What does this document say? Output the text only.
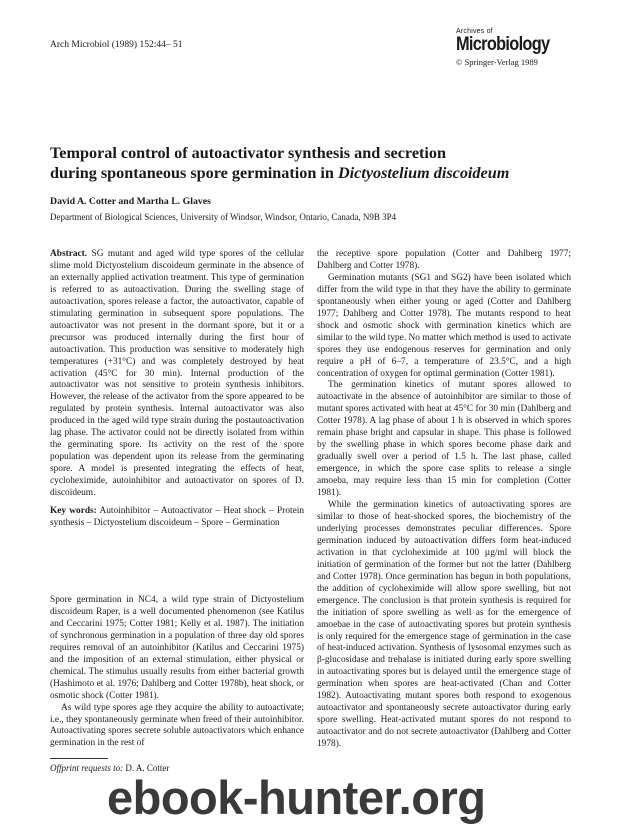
Arch Microbiol (1989) 152:44– 51
Archives of
Microbiology
© Springer-Verlag 1989
Temporal control of autoactivator synthesis and secretion
during spontaneous spore germination in Dictyostelium discoideum
David A. Cotter and Martha L. Glaves
Department of Biological Sciences, University of Windsor, Windsor, Ontario, Canada, N9B 3P4

Abstract. SG mutant and aged wild type spores of the cellular slime mold Dictyostelium discoideum germinate in the absence of an externally applied activation treatment. This type of germination is referred to as autoactivation. During the swelling stage of autoactivation, spores release a factor, the autoactivator, capable of stimulating germination in subsequent spore populations. The autoactivator was not present in the dormant spore, but it or a precursor was produced internally during the first hour of autoactivation. This production was sensitive to moderately high temperatures (+31°C) and was completely destroyed by heat activation (45°C for 30 min). Internal production of the autoactivator was not sensitive to protein synthesis inhibitors. However, the release of the activator from the spore appeared to be regulated by protein synthesis. Internal autoactivator was also produced in the aged wild type strain during the postautoactivation lag phase. The activator could not be directly isolated from within the germinating spore. Its activity on the rest of the spore population was dependent upon its release from the germinating spore. A model is presented integrating the effects of heat, cycloheximide, autoinhibitor and autoactivator on spores of D. discoideum.

Key words: Autoinhibitor – Autoactivator – Heat shock – Protein synthesis – Dictyostelium discoideum – Spore – Germination

Spore germination in NC4, a wild type strain of Dictyostelium discoideum Raper, is a well documented phenomenon (see Katilus and Ceccarini 1975; Cotter 1981; Kelly et al. 1987). The initiation of synchronous germination in a population of three day old spores requires removal of an autoinhibitor (Katilus and Ceccarini 1975) and the imposition of an external stimulation, either physical or chemical. The stimulus usually results from either bacterial growth (Hashimoto et al. 1976; Dahlberg and Cotter 1978b), heat shock, or osmotic shock (Cotter 1981).

As wild type spores age they acquire the ability to autoactivate; i.e., they spontaneously germinate when freed of their autoinhibitor. Autoactivating spores secrete soluble autoactivators which enhance germination in the rest of

the receptive spore population (Cotter and Dahlberg 1977; Dahlberg and Cotter 1978).

Germination mutants (SG1 and SG2) have been isolated which differ from the wild type in that they have the ability to germinate spontaneously when either young or aged (Cotter and Dahlberg 1977; Dahlberg and Cotter 1978). The mutants respond to heat shock and osmotic shock with germination kinetics which are similar to the wild type. No matter which method is used to activate spores they use endogenous reserves for germination and only require a pH of 6–7, a temperature of 23.5°C, and a high concentration of oxygen for optimal germination (Cotter 1981).

The germination kinetics of mutant spores allowed to autoactivate in the absence of autoinhibitor are similar to those of mutant spores activated with heat at 45°C for 30 min (Dahlberg and Cotter 1978). A lag phase of about 1 h is observed in which spores remain phase bright and capsular in shape. This phase is followed by the swelling phase in which spores become phase dark and gradually swell over a period of 1.5 h. The last phase, called emergence, in which the spore case splits to release a single amoeba, may require less than 15 min for completion (Cotter 1981).

While the germination kinetics of autoactivating spores are similar to those of heat-shocked spores, the biochemistry of the underlying processes demonstrates peculiar differences. Spore germination induced by autoactivation differs form heat-induced activation in that cycloheximide at 100 µg/ml will block the initiation of germination of the former but not the latter (Dahlberg and Cotter 1978). Once germination has begun in both populations, the addition of cycloheximide will allow spore swelling, but not emergence. The conclusion is that protein synthesis is required for the initiation of spore swelling as well as for the emergence of amoebae in the case of autoactivating spores but protein synthesis is only required for the emergence stage of germination in the case of heat-induced activation. Synthesis of lysosomal enzymes such as β-glucosidase and trehalase is initiated during early spore swelling in autoactivating spores but is delayed until the emergence stage of germination when spores are heat-activated (Chan and Cotter 1982). Autoactivating mutant spores both respond to exogenous autoactivator and spontaneously secrete autoactivator during early spore swelling. Heat-activated mutant spores do not respond to autoactivator and do not secrete autoactivator (Dahlberg and Cotter 1978).

Offprint requests to: D. A. Cotter
ebook-hunter.org
